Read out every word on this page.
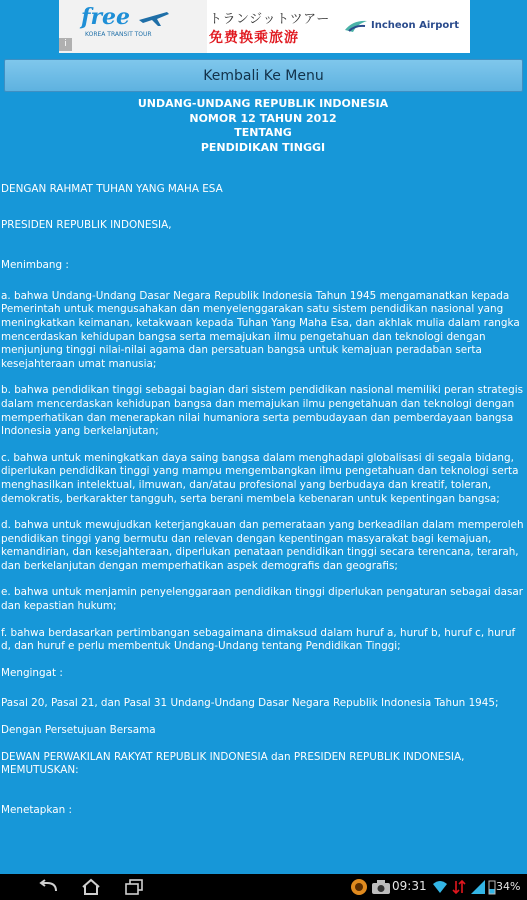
free
KOREA TRANSIT TOUR
i
トランジットツアー
免费换乘旅游
Incheon Airport
Kembali Ke Menu
UNDANG-UNDANG REPUBLIK INDONESIA
NOMOR 12 TAHUN 2012
TENTANG
PENDIDIKAN TINGGI

DENGAN RAHMAT TUHAN YANG MAHA ESA

PRESIDEN REPUBLIK INDONESIA,

Menimbang :

a. bahwa Undang-Undang Dasar Negara Republik Indonesia Tahun 1945 mengamanatkan kepada Pemerintah untuk mengusahakan dan menyelenggarakan satu sistem pendidikan nasional yang meningkatkan keimanan, ketakwaan kepada Tuhan Yang Maha Esa, dan akhlak mulia dalam rangka mencerdaskan kehidupan bangsa serta memajukan ilmu pengetahuan dan teknologi dengan menjunjung tinggi nilai-nilai agama dan persatuan bangsa untuk kemajuan peradaban serta kesejahteraan umat manusia;

b. bahwa pendidikan tinggi sebagai bagian dari sistem pendidikan nasional memiliki peran strategis dalam mencerdaskan kehidupan bangsa dan memajukan ilmu pengetahuan dan teknologi dengan memperhatikan dan menerapkan nilai humaniora serta pembudayaan dan pemberdayaan bangsa Indonesia yang berkelanjutan;

c. bahwa untuk meningkatkan daya saing bangsa dalam menghadapi globalisasi di segala bidang, diperlukan pendidikan tinggi yang mampu mengembangkan ilmu pengetahuan dan teknologi serta menghasilkan intelektual, ilmuwan, dan/atau profesional yang berbudaya dan kreatif, toleran, demokratis, berkarakter tangguh, serta berani membela kebenaran untuk kepentingan bangsa;

d. bahwa untuk mewujudkan keterjangkauan dan pemerataan yang berkeadilan dalam memperoleh pendidikan tinggi yang bermutu dan relevan dengan kepentingan masyarakat bagi kemajuan, kemandirian, dan kesejahteraan, diperlukan penataan pendidikan tinggi secara terencana, terarah, dan berkelanjutan dengan memperhatikan aspek demografis dan geografis;

e. bahwa untuk menjamin penyelenggaraan pendidikan tinggi diperlukan pengaturan sebagai dasar dan kepastian hukum;

f. bahwa berdasarkan pertimbangan sebagaimana dimaksud dalam huruf a, huruf b, huruf c, huruf d, dan huruf e perlu membentuk Undang-Undang tentang Pendidikan Tinggi;

Mengingat :

Pasal 20, Pasal 21, dan Pasal 31 Undang-Undang Dasar Negara Republik Indonesia Tahun 1945;

Dengan Persetujuan Bersama

DEWAN PERWAKILAN RAKYAT REPUBLIK INDONESIA dan PRESIDEN REPUBLIK INDONESIA,

MEMUTUSKAN:

Menetapkan :

09:31	34%
